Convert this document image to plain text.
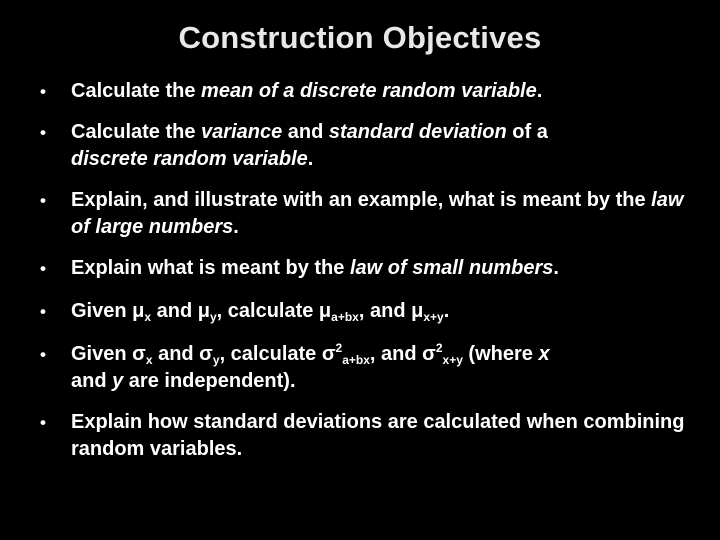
Construction Objectives
•	Calculate the mean of a discrete random variable.
•	Calculate the variance and standard deviation of a
discrete random variable.
•	Explain, and illustrate with an example, what is meant by the law of large numbers.
•	Explain what is meant by the law of small numbers.
•	Given $\mu_x$ and $\mu_y$, calculate $\mu_{a+bx}$, and $\mu_{x+y}$.
•	Given $\sigma_x$ and $\sigma_y$, calculate $\sigma^2_{a+bx}$, and $\sigma^2_{x+y}$ (where x
and y are independent).
•	Explain how standard deviations are calculated when combining random variables.
